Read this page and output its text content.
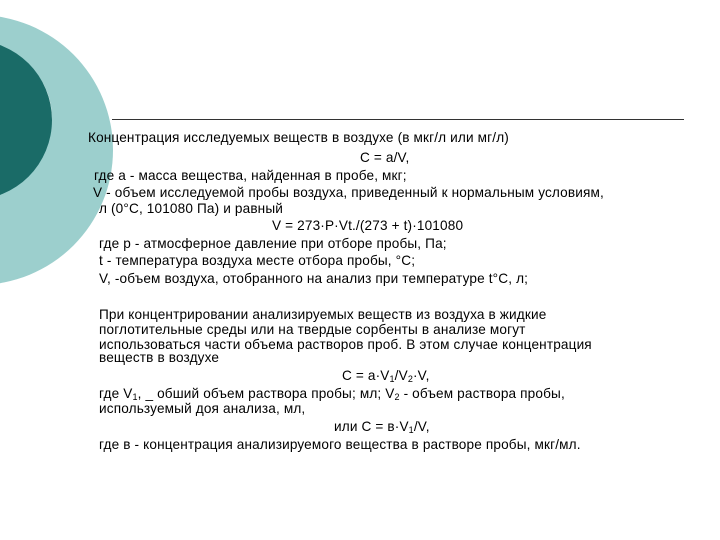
Концентрация исследуемых веществ в воздухе (в мкг/л или мг/л)
С = а/V,
где а - масса вещества, найденная в пробе, мкг;
V - объем исследуемой пробы воздуха, приведенный к нормальным условиям,
л (0°С, 101080 Па) и равный
V = 273·Р·Vt./(273 + t)·101080
где р - атмосферное давление при отборе пробы, Па;
t - температура воздуха месте отбора пробы, °С;
V, -объем воздуха, отобранного на анализ при температуре t°С, л;
При концентрировании анализируемых веществ из воздуха в жидкие
поглотительные среды или на твердые сорбенты в анализе могут
использоваться части объема растворов проб. В этом случае концентрация
веществ в воздухе
$С = а\cdot V_1/V_2\cdot V$,
где $V_1$, _ обший объем раствора пробы; мл; $V_2$ - объем раствора пробы,
используемый доя анализа, мл,
или $С = в\cdot V_1/V$,
где в - концентрация анализируемого вещества в растворе пробы, мкг/мл.
